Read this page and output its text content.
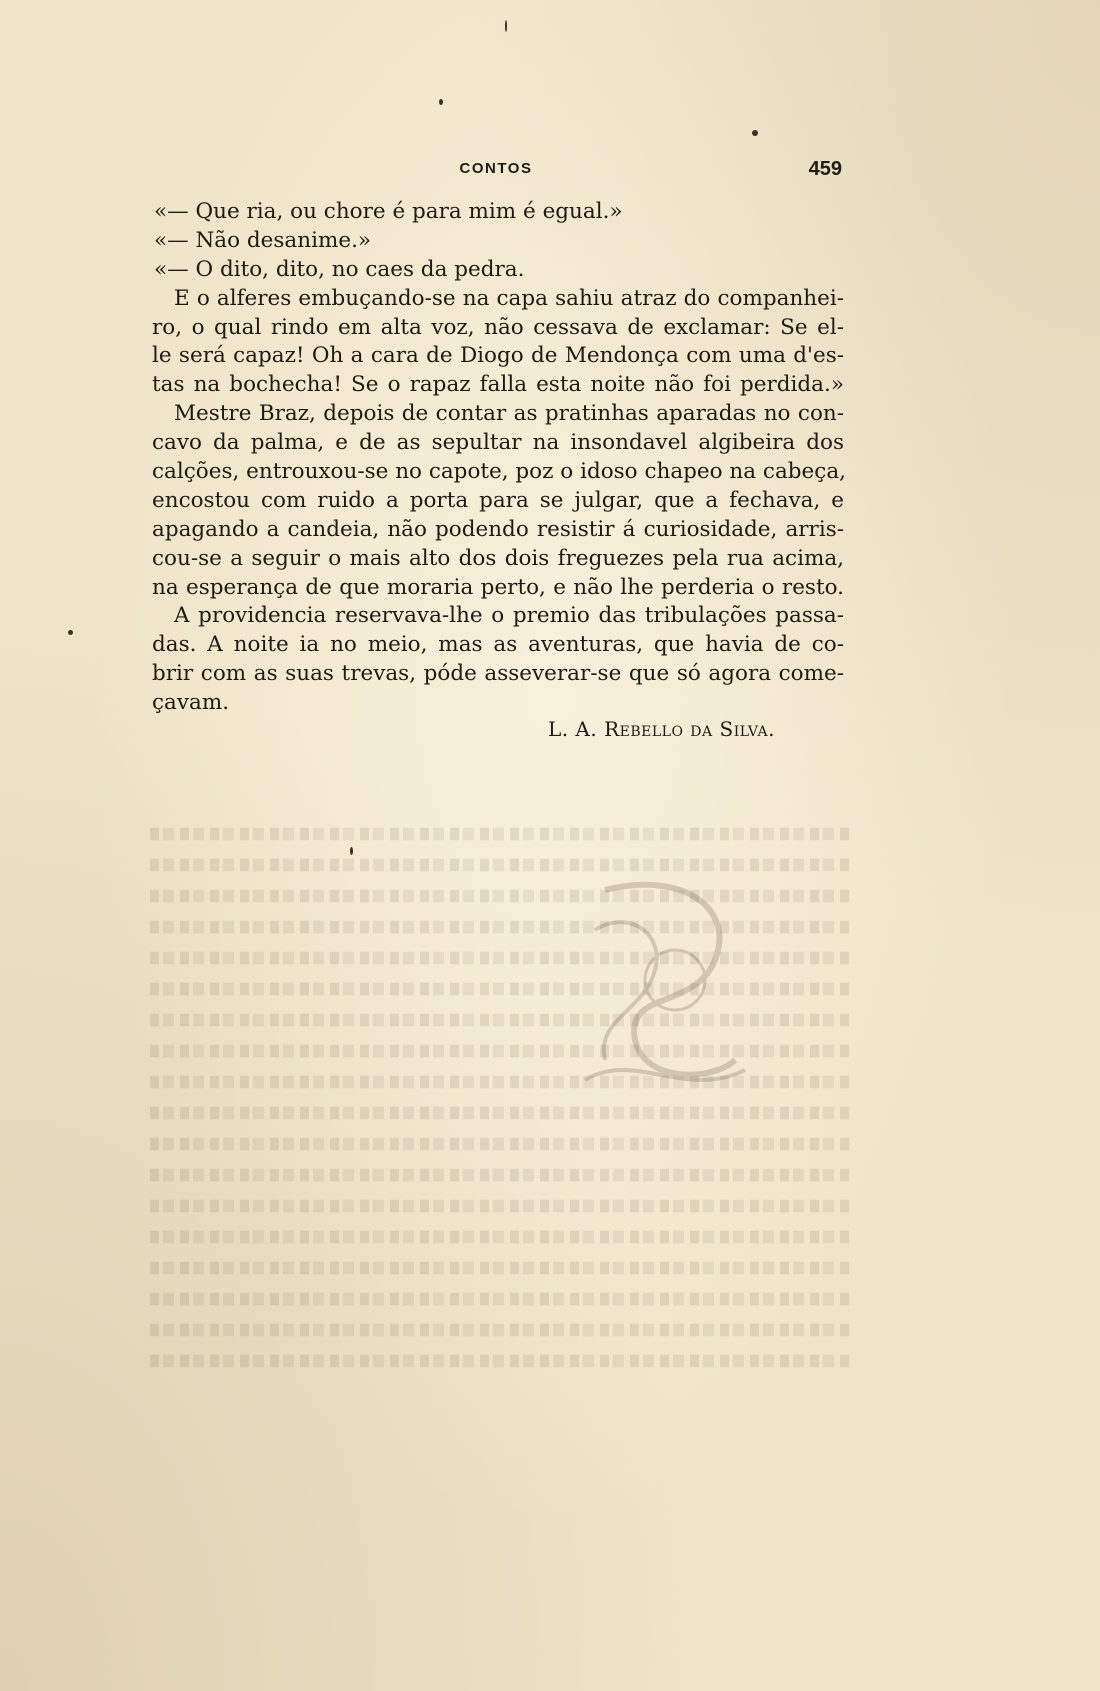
CONTOS	459
«— Que ria, ou chore é para mim é egual.»
«— Não desanime.»
«— O dito, dito, no caes da pedra.
E o alferes embuçando-se na capa sahiu atraz do companhei-
ro, o qual rindo em alta voz, não cessava de exclamar: Se el-
le será capaz! Oh a cara de Diogo de Mendonça com uma d'es-
tas na bochecha! Se o rapaz falla esta noite não foi perdida.»
Mestre Braz, depois de contar as pratinhas aparadas no con-
cavo da palma, e de as sepultar na insondavel algibeira dos
calções, entrouxou-se no capote, poz o idoso chapeo na cabeça,
encostou com ruido a porta para se julgar, que a fechava, e
apagando a candeia, não podendo resistir á curiosidade, arris-
cou-se a seguir o mais alto dos dois freguezes pela rua acima,
na esperança de que moraria perto, e não lhe perderia o resto.
A providencia reservava-lhe o premio das tribulações passa-
das. A noite ia no meio, mas as aventuras, que havia de co-
brir com as suas trevas, póde asseverar-se que só agora come-
çavam.
L. A. Rebello da Silva.
